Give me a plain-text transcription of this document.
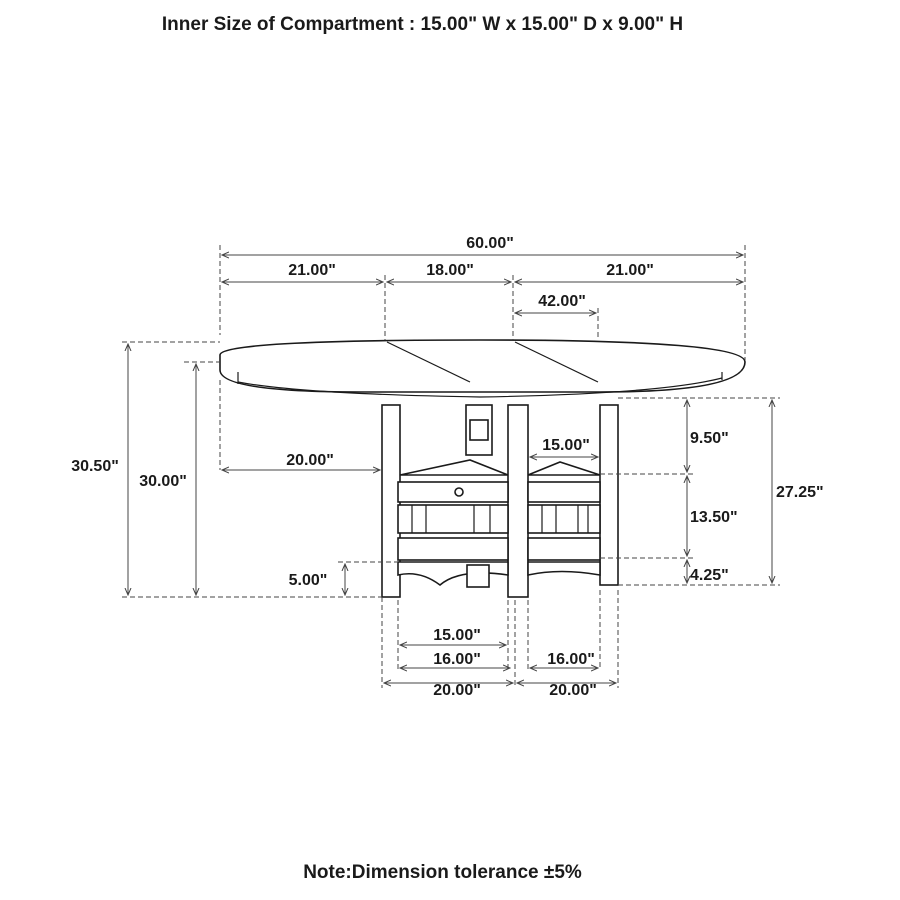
Inner Size of Compartment : 15.00" W x 15.00" D x 9.00" H
60.00"
21.00"	18.00"	21.00"
42.00"
30.50"
30.00"
20.00"
5.00"
15.00"	9.50"
13.50"
4.25"
27.25"
15.00"
16.00"	16.00"
20.00"	20.00"
Note:Dimension tolerance ±5%
